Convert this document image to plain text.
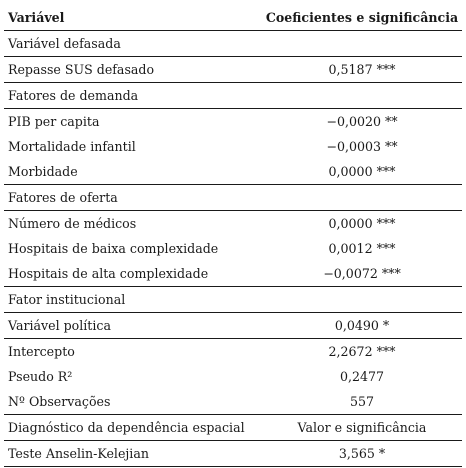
Variável	Coeficientes e significância
Variável defasada	
Repasse SUS defasado	0,5187 ***
Fatores de demanda	
PIB per capita	−0,0020 **
Mortalidade infantil	−0,0003 **
Morbidade	0,0000 ***
Fatores de oferta	
Número de médicos	0,0000 ***
Hospitais de baixa complexidade	0,0012 ***
Hospitais de alta complexidade	−0,0072 ***
Fator institucional	
Variável política	0,0490 *
Intercepto	2,2672 ***
Pseudo R²	0,2477
Nº Observações	557
Diagnóstico da dependência espacial	Valor e significância
Teste Anselin-Kelejian	3,565 *
